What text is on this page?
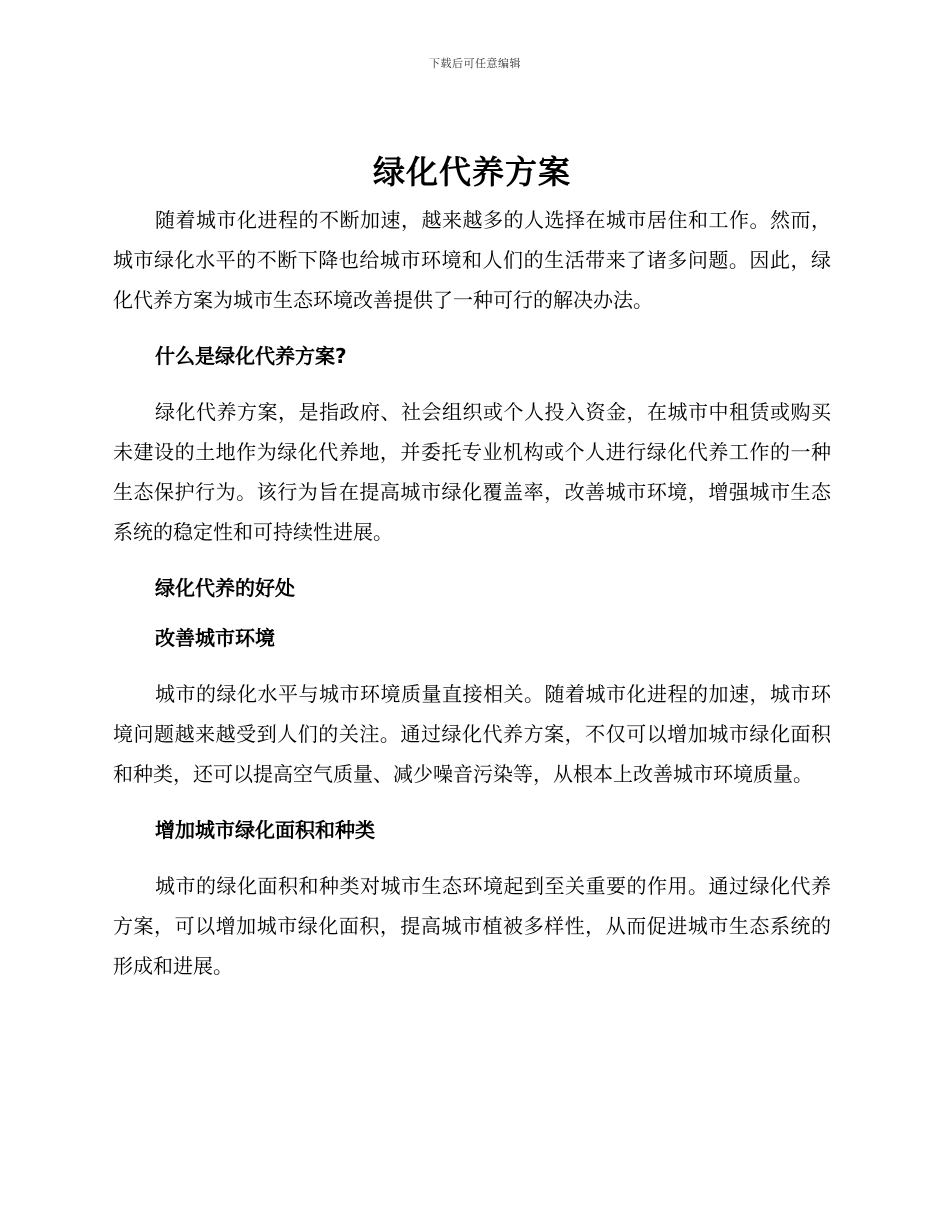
下载后可任意编辑
绿化代养方案

随着城市化进程的不断加速，越来越多的人选择在城市居住和工作。然而，城市绿化水平的不断下降也给城市环境和人们的生活带来了诸多问题。因此，绿化代养方案为城市生态环境改善提供了一种可行的解决办法。

什么是绿化代养方案?

绿化代养方案，是指政府、社会组织或个人投入资金，在城市中租赁或购买未建设的土地作为绿化代养地，并委托专业机构或个人进行绿化代养工作的一种生态保护行为。该行为旨在提高城市绿化覆盖率，改善城市环境，增强城市生态系统的稳定性和可持续性进展。

绿化代养的好处
改善城市环境

城市的绿化水平与城市环境质量直接相关。随着城市化进程的加速，城市环境问题越来越受到人们的关注。通过绿化代养方案，不仅可以增加城市绿化面积和种类，还可以提高空气质量、减少噪音污染等，从根本上改善城市环境质量。

增加城市绿化面积和种类

城市的绿化面积和种类对城市生态环境起到至关重要的作用。通过绿化代养方案，可以增加城市绿化面积，提高城市植被多样性，从而促进城市生态系统的形成和进展。
